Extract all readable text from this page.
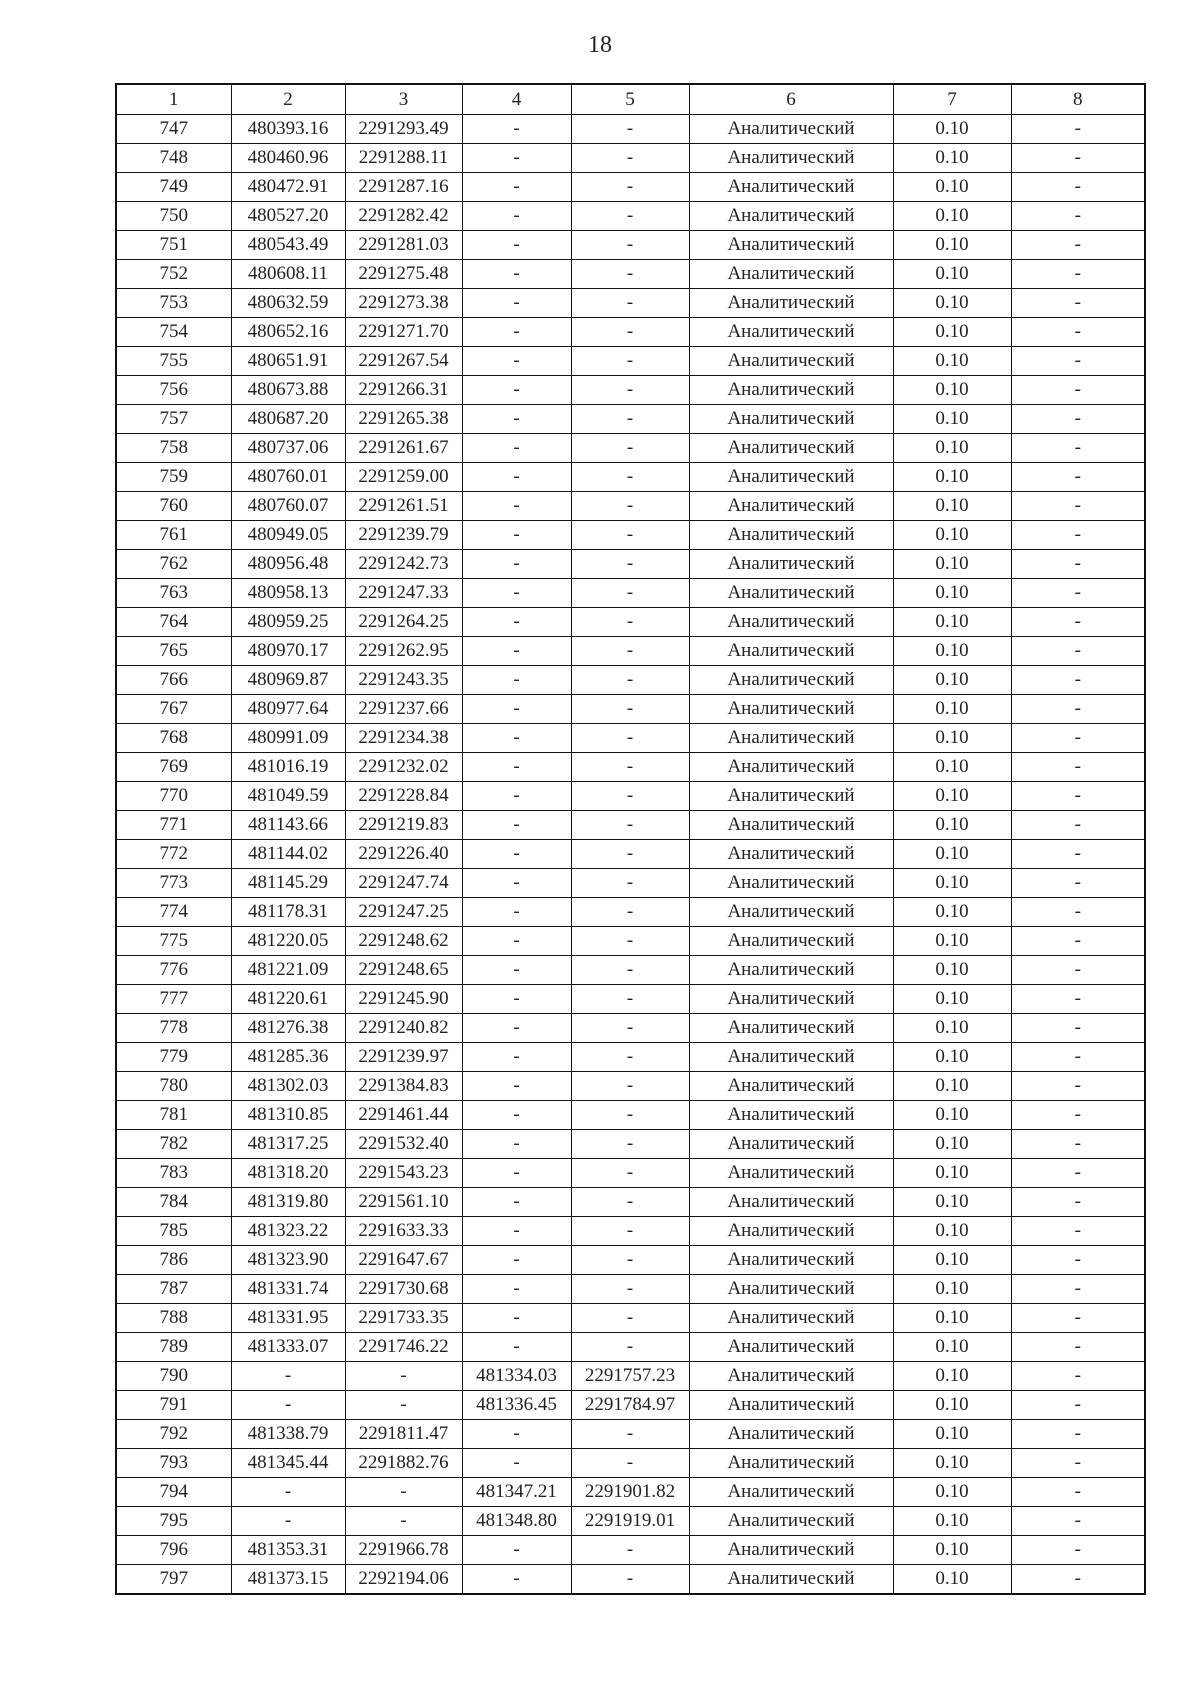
18
1	2	3	4	5	6	7	8
747	480393.16	2291293.49	-	-	Аналитический	0.10	-
748	480460.96	2291288.11	-	-	Аналитический	0.10	-
749	480472.91	2291287.16	-	-	Аналитический	0.10	-
750	480527.20	2291282.42	-	-	Аналитический	0.10	-
751	480543.49	2291281.03	-	-	Аналитический	0.10	-
752	480608.11	2291275.48	-	-	Аналитический	0.10	-
753	480632.59	2291273.38	-	-	Аналитический	0.10	-
754	480652.16	2291271.70	-	-	Аналитический	0.10	-
755	480651.91	2291267.54	-	-	Аналитический	0.10	-
756	480673.88	2291266.31	-	-	Аналитический	0.10	-
757	480687.20	2291265.38	-	-	Аналитический	0.10	-
758	480737.06	2291261.67	-	-	Аналитический	0.10	-
759	480760.01	2291259.00	-	-	Аналитический	0.10	-
760	480760.07	2291261.51	-	-	Аналитический	0.10	-
761	480949.05	2291239.79	-	-	Аналитический	0.10	-
762	480956.48	2291242.73	-	-	Аналитический	0.10	-
763	480958.13	2291247.33	-	-	Аналитический	0.10	-
764	480959.25	2291264.25	-	-	Аналитический	0.10	-
765	480970.17	2291262.95	-	-	Аналитический	0.10	-
766	480969.87	2291243.35	-	-	Аналитический	0.10	-
767	480977.64	2291237.66	-	-	Аналитический	0.10	-
768	480991.09	2291234.38	-	-	Аналитический	0.10	-
769	481016.19	2291232.02	-	-	Аналитический	0.10	-
770	481049.59	2291228.84	-	-	Аналитический	0.10	-
771	481143.66	2291219.83	-	-	Аналитический	0.10	-
772	481144.02	2291226.40	-	-	Аналитический	0.10	-
773	481145.29	2291247.74	-	-	Аналитический	0.10	-
774	481178.31	2291247.25	-	-	Аналитический	0.10	-
775	481220.05	2291248.62	-	-	Аналитический	0.10	-
776	481221.09	2291248.65	-	-	Аналитический	0.10	-
777	481220.61	2291245.90	-	-	Аналитический	0.10	-
778	481276.38	2291240.82	-	-	Аналитический	0.10	-
779	481285.36	2291239.97	-	-	Аналитический	0.10	-
780	481302.03	2291384.83	-	-	Аналитический	0.10	-
781	481310.85	2291461.44	-	-	Аналитический	0.10	-
782	481317.25	2291532.40	-	-	Аналитический	0.10	-
783	481318.20	2291543.23	-	-	Аналитический	0.10	-
784	481319.80	2291561.10	-	-	Аналитический	0.10	-
785	481323.22	2291633.33	-	-	Аналитический	0.10	-
786	481323.90	2291647.67	-	-	Аналитический	0.10	-
787	481331.74	2291730.68	-	-	Аналитический	0.10	-
788	481331.95	2291733.35	-	-	Аналитический	0.10	-
789	481333.07	2291746.22	-	-	Аналитический	0.10	-
790	-	-	481334.03	2291757.23	Аналитический	0.10	-
791	-	-	481336.45	2291784.97	Аналитический	0.10	-
792	481338.79	2291811.47	-	-	Аналитический	0.10	-
793	481345.44	2291882.76	-	-	Аналитический	0.10	-
794	-	-	481347.21	2291901.82	Аналитический	0.10	-
795	-	-	481348.80	2291919.01	Аналитический	0.10	-
796	481353.31	2291966.78	-	-	Аналитический	0.10	-
797	481373.15	2292194.06	-	-	Аналитический	0.10	-
